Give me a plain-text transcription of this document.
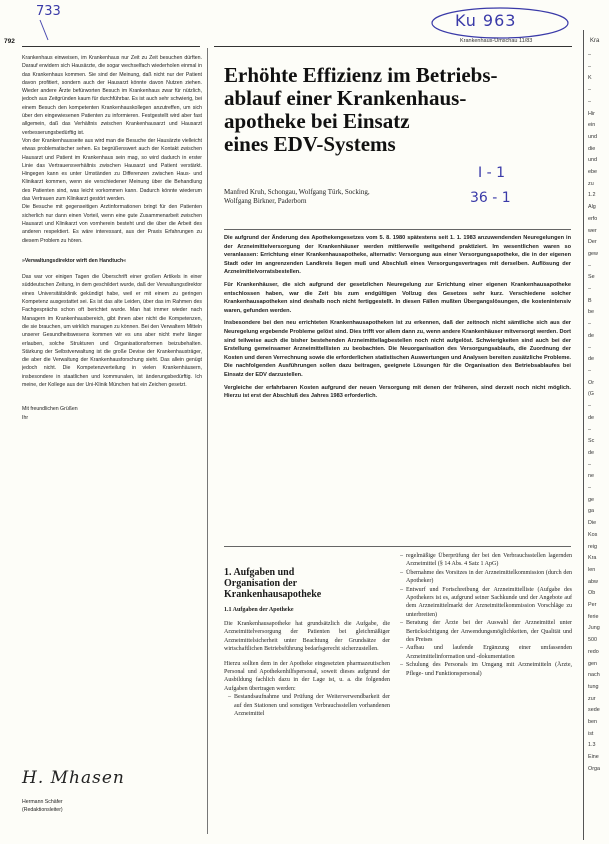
733
792
Ku 963
Krankenhaus-Umschau 11/83	Kra

Krankenhaus einweisen, im Krankenhaus nur Zeit zu Zeit besuchen dürften. Darauf erwidern sich Hausärzte, die sogar wechselfach wiederholen einmal in das Krankenhaus kommen. Sie sind der Meinung, daß nicht nur der Patient davon profitiert, sondern auch der Hausarzt könnte davon Nutzen ziehen. Wieder andere Ärzte befürworten Besuch im Krankenhaus zwar für nützlich, jedoch aus Zeitgründen kaum für durchführbar. Es ist auch sehr schwierig, bei einem Besuch den kompetenten Krankenhauskollegen anzutreffen, um sich über den eingewiesenen Patienten zu informieren. Festgestellt wird aber fast allgemein, daß das Verhältnis zwischen Krankenhausarzt und Hausarzt verbesserungsbedürftig ist.

Von der Krankenhausseite aus wird man die Besuche der Hausärzte vielleicht etwas problematischer sehen. Es begrüßenswert auch der Kontakt zwischen Hausarzt und Patient im Krankenhaus sein mag, so wird dadurch in erster Linie das Vertrauensverhältnis zwischen Hausarzt und Patient verstärkt. Hingegen kann es unter Umständen zu Differenzen zwischen Haus- und Klinikarzt kommen, wenn sie verschiedener Meinung über die Behandlung des Patienten sind, was leicht vorkommen kann. Dadurch könnte wiederum das Vertrauen zum Klinikarzt gestört werden.

Die Besuche mit gegenseitigen Arztinformationen bringt für den Patienten sicherlich nur dann einen Vorteil, wenn eine gute Zusammenarbeit zwischen Hausarzt und Klinikarzt von vornherein besteht und die über die Arbeit des anderen respektiert. Es wäre interessant, aus der Praxis Erfahrungen zu diesem Problem zu hören.

»Verwaltungsdirektor wirft den Handtuch«

Das war vor einigen Tagen die Überschrift einer großen Artikels in einer süddeutschen Zeitung, in dem geschildert wurde, daß der Verwaltungsdirektor eines Universitätsklinik gekündigt habe, weil er mit einem zu geringen Kompetenz ausgestattet sei. Es ist das alte Leiden, über das im Rahmen des Fachgesprächs schon oft berichtet wurde. Man hat immer wieder nach Managern im Krankenhausbereich, gibt ihnen aber nicht die Kompetenzen, die sie brauchen, um wirklich managen zu können. Bei den Verwaltern Mitteln unserer Gesundheitswesens kommen wir es uns aber nicht mehr länger erlauben, solche Strukturen und Organisationsformen beizubehalten. Stärkung der Selbstverwaltung ist die große Devise der Krankenhausträger, die aber die Verwaltung der Krankenhausforschung sieht. Das allein genügt jedoch nicht. Die Kompetenzverteilung in vielen Krankenhäusern, insbesondere in staatlichen und kommunalen, ist änderungsbedürftig. Ich meine, der Kollege aus der Uni-Klinik München hat ein Zeichen gesetzt.

Mit freundlichen Grüßen

Ihr

H. Mhasen
Hermann Schäfer
(Redaktionsleiter)

Erhöhte Effizienz im Betriebs-

ablauf einer Krankenhaus-

apotheke bei Einsatz

eines EDV-Systems

I - 1
36 - 1
Manfred Kruh, Schongau, Wolfgang Türk, Socking,
Wolfgang Birkner, Paderborn

Die aufgrund der Änderung des Apothekengesetzes vom 5. 8. 1980 spätestens seit 1. 1. 1983 anzuwendenden Neuregelungen in der Arzneimittelversorgung der Krankenhäuser werden mittlerweile weitgehend praktiziert. Im wesentlichen waren so veranlassen: Errichtung einer Krankenhausapotheke, alternativ: Versorgung aus einer Versorgungsapotheke, die in der eigenen Stadt oder im angrenzenden Landkreis liegen muß und Abschluß eines Versorgungsvertrages mit derselben. Auflösung der Arzneimittelvorratsbestellen.

Für Krankenhäuser, die sich aufgrund der gesetzlichen Neuregelung zur Errichtung einer eigenen Krankenhausapotheke entschlossen haben, war die Zeit bis zum endgültigen Vollzug des Gesetzes sehr kurz. Verschiedene solcher Krankenhausapotheken sind deshalb noch nicht fertiggestellt. In diesen Fällen mußten Übergangslösungen, die kostenintensiv waren, gefunden werden.

Insbesondere bei den neu errichteten Krankenhausapotheken ist zu erkennen, daß der zeitnoch nicht sämtliche sich aus der Neuregelung ergebende Probleme gelöst sind. Dies trifft vor allem dann zu, wenn andere Krankenhäuser mitversorgt werden. Dort sind teilweise auch die bisher bestehenden Arzneimittellagbestellen noch nicht aufgelöst. Schwierigkeiten sind auch bei der Erstellung gemeinsamer Arzneimittellisten zu beobachten. Die Neuorganisation des Versorgungsablaufs, die Zuordnung der Kosten und deren Verrechnung sowie die erforderlichen statistischen Auswertungen und Analysen bereiten zusätzliche Probleme. Die nachfolgenden Ausführungen sollen dazu beitragen, geeignete Lösungen für die Organisation des Betriebsablaufes bei Einsatz der EDV darzustellen.

Vergleiche der erfahrbaren Kosten aufgrund der neuen Versorgung mit denen der früheren, sind derzeit noch nicht möglich. Hierzu ist erst der Abschluß des Jahres 1983 erforderlich.

1. Aufgaben und
Organisation der
Krankenhausapotheke
1.1 Aufgaben der Apotheke

Die Krankenhausapotheke hat grundsätzlich die Aufgabe, die Arzneimittelversorgung der Patienten bei gleichmäßiger Arzneimittelsicherheit unter Beachtung der Grundsätze der wirtschaftlichen Betriebsführung bedarfsgerecht sicherzustellen.

Hierzu sollten dem in der Apotheke eingesetzten pharmazeutischen Personal und Apothekenhilfspersonal, soweit dieses aufgrund der Ausbildung fachlich dazu in der Lage ist, u. a. die folgenden Aufgaben übertragen werden:

– Bestandsaufnahme und Prüfung der Weiterverwendbarkeit der auf den Stationen und sonstigen Verbrauchsstellen vorhandenen Arzneimittel

– regelmäßige Überprüfung der bei den Verbrauchsstellen lagernden Arzneimittel (§ 14 Abs. 4 Satz 1 ApG)

– Übernahme des Vorsitzes in der Arzneimittelkommission (durch den Apotheker)

– Entwurf und Fortschreibung der Arzneimittelliste (Aufgabe des Apothekers ist es, aufgrund seiner Sachkunde und der Angebote auf dem Arzneimittelmarkt der Arzneimittelkommission Vorschläge zu unterbreiten)

– Beratung der Ärzte bei der Auswahl der Arzneimittel unter Berücksichtigung der Anwendungsmöglichkeiten, der Qualität und des Preises

– Aufbau und laufende Ergänzung einer umfassenden Arzneimittelinformation und -dokumentation

– Schulung des Personals im Umgang mit Arzneimitteln (Ärzte, Pflege- und Funktionspersonal)

–
–
K
–
–
Hir
ein
und
die
und
ebe
zu
1.2
Alg
erfo
wer
Der
gew
–
Se
–
B
be
–
de
–
de
–
Or
(G
–
de
–
Sc
de
–
ne
–
ge
ga
Die
Kos
reig
Kra
len
abw
Ob
Per
ferie
Jung
500
redo
gen
nach
tung
zur
sede
ben
ist
1.3
Eine
Orga
